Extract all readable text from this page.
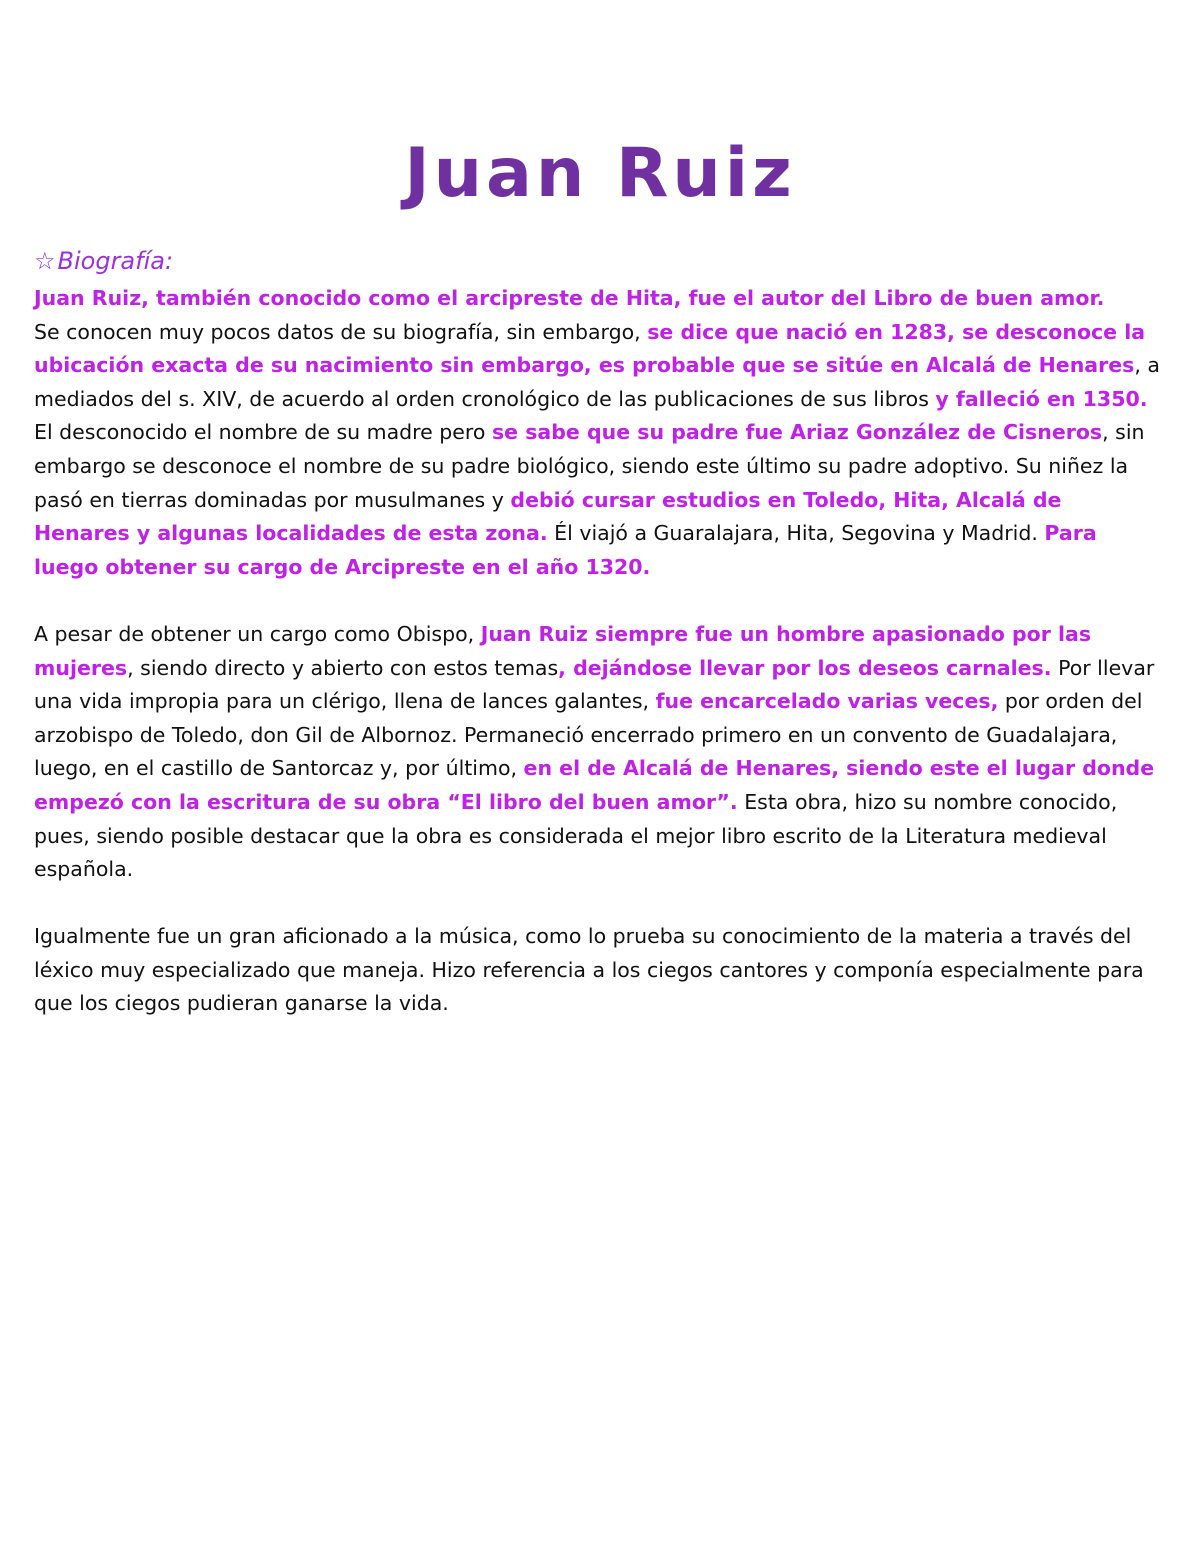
Juan Ruiz
☆Biografía:

Juan Ruiz, también conocido como el arcipreste de Hita, fue el autor del Libro de buen amor.
Se conocen muy pocos datos de su biografía, sin embargo, se dice que nació en 1283, se desconoce la ubicación exacta de su nacimiento sin embargo, es probable que se sitúe en Alcalá de Henares, a mediados del s. XIV, de acuerdo al orden cronológico de las publicaciones de sus libros y falleció en 1350. El desconocido el nombre de su madre pero se sabe que su padre fue Ariaz González de Cisneros, sin embargo se desconoce el nombre de su padre biológico, siendo este último su padre adoptivo. Su niñez la pasó en tierras dominadas por musulmanes y debió cursar estudios en Toledo, Hita, Alcalá de Henares y algunas localidades de esta zona. Él viajó a Guaralajara, Hita, Segovina y Madrid. Para luego obtener su cargo de Arcipreste en el año 1320.

A pesar de obtener un cargo como Obispo, Juan Ruiz siempre fue un hombre apasionado por las mujeres, siendo directo y abierto con estos temas, dejándose llevar por los deseos carnales. Por llevar una vida impropia para un clérigo, llena de lances galantes, fue encarcelado varias veces, por orden del arzobispo de Toledo, don Gil de Albornoz. Permaneció encerrado primero en un convento de Guadalajara, luego, en el castillo de Santorcaz y, por último, en el de Alcalá de Henares, siendo este el lugar donde empezó con la escritura de su obra “El libro del buen amor”. Esta obra, hizo su nombre conocido, pues, siendo posible destacar que la obra es considerada el mejor libro escrito de la Literatura medieval española.

Igualmente fue un gran aficionado a la música, como lo prueba su conocimiento de la materia a través del léxico muy especializado que maneja. Hizo referencia a los ciegos cantores y componía especialmente para que los ciegos pudieran ganarse la vida.
